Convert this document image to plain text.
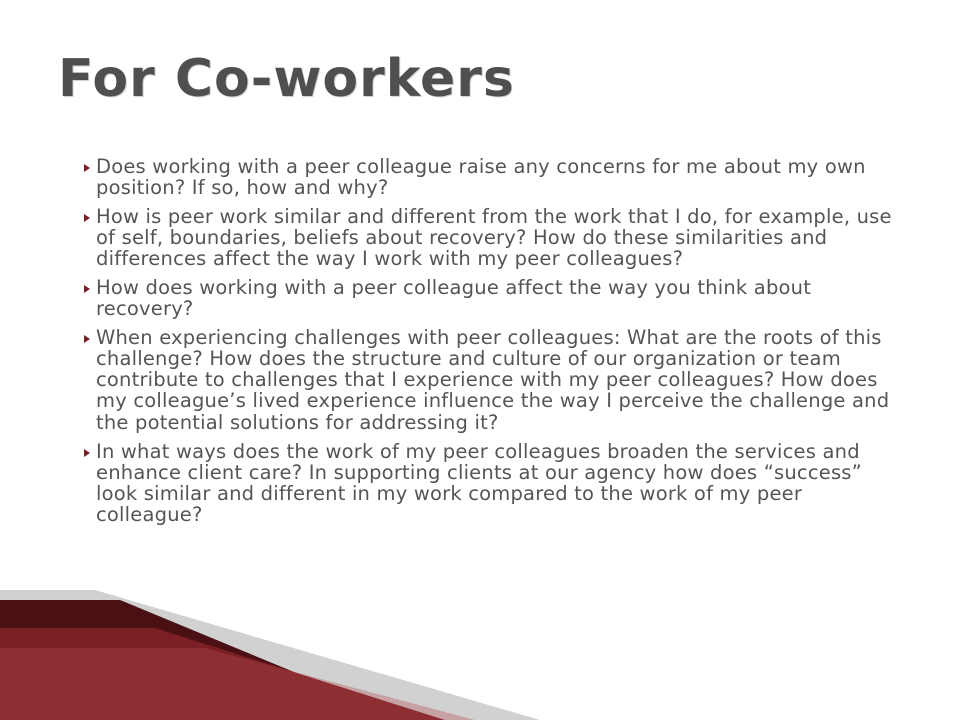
For Co-workers
Does working with a peer colleague raise any concerns for me about my own position? If so, how and why?
How is peer work similar and different from the work that I do, for example, use of self, boundaries, beliefs about recovery? How do these similarities and differences affect the way I work with my peer colleagues?
How does working with a peer colleague affect the way you think about recovery?
When experiencing challenges with peer colleagues: What are the roots of this challenge? How does the structure and culture of our organization or team contribute to challenges that I experience with my peer colleagues? How does my colleague’s lived experience influence the way I perceive the challenge and the potential solutions for addressing it?
In what ways does the work of my peer colleagues broaden the services and enhance client care? In supporting clients at our agency how does “success” look similar and different in my work compared to the work of my peer colleague?
